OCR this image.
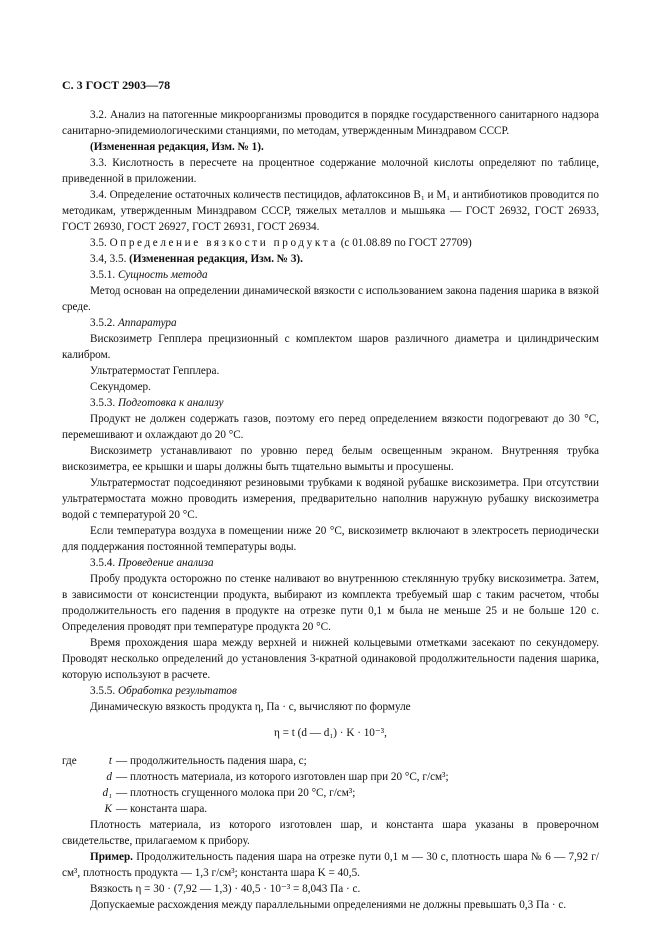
С. 3 ГОСТ 2903—78

3.2. Анализ на патогенные микроорганизмы проводится в порядке государственного санитарного надзора санитарно-эпидемиологическими станциями, по методам, утвержденным Минздравом СССР.

(Измененная редакция, Изм. № 1).

3.3. Кислотность в пересчете на процентное содержание молочной кислоты определяют по таблице, приведенной в приложении.

3.4. Определение остаточных количеств пестицидов, афлатоксинов B₁ и M₁ и антибиотиков проводится по методикам, утвержденным Минздравом СССР, тяжелых металлов и мышьяка — ГОСТ 26932, ГОСТ 26933, ГОСТ 26930, ГОСТ 26927, ГОСТ 26931, ГОСТ 26934.

3.5. Определение вязкости продукта (с 01.08.89 по ГОСТ 27709)

3.4, 3.5. (Измененная редакция, Изм. № 3).

3.5.1. Сущность метода

Метод основан на определении динамической вязкости с использованием закона падения шарика в вязкой среде.

3.5.2. Аппаратура

Вискозиметр Гепплера прецизионный с комплектом шаров различного диаметра и цилиндрическим калибром.

Ультратермостат Гепплера.

Секундомер.

3.5.3. Подготовка к анализу

Продукт не должен содержать газов, поэтому его перед определением вязкости подогревают до 30 °С, перемешивают и охлаждают до 20 °С.

Вискозиметр устанавливают по уровню перед белым освещенным экраном. Внутренняя трубка вискозиметра, ее крышки и шары должны быть тщательно вымыты и просушены.

Ультратермостат подсоединяют резиновыми трубками к водяной рубашке вискозиметра. При отсутствии ультратермостата можно проводить измерения, предварительно наполнив наружную рубашку вискозиметра водой с температурой 20 °С.

Если температура воздуха в помещении ниже 20 °С, вискозиметр включают в электросеть периодически для поддержания постоянной температуры воды.

3.5.4. Проведение анализа

Пробу продукта осторожно по стенке наливают во внутреннюю стеклянную трубку вискозиметра. Затем, в зависимости от консистенции продукта, выбирают из комплекта требуемый шар с таким расчетом, чтобы продолжительность его падения в продукте на отрезке пути 0,1 м была не меньше 25 и не больше 120 с. Определения проводят при температуре продукта 20 °С.

Время прохождения шара между верхней и нижней кольцевыми отметками засекают по секундомеру. Проводят несколько определений до установления 3-кратной одинаковой продолжительности падения шарика, которую используют в расчете.

3.5.5. Обработка результатов

Динамическую вязкость продукта η, Па · с, вычисляют по формуле

η = t (d — d₁) · K · 10⁻³,
где	t — продолжительность падения шара, с;
d — плотность материала, из которого изготовлен шар при 20 °С, г/см³;
d₁ — плотность сгущенного молока при 20 °С, г/см³;
K — константа шара.

Плотность материала, из которого изготовлен шар, и константа шара указаны в проверочном свидетельстве, прилагаемом к прибору.

Пример. Продолжительность падения шара на отрезке пути 0,1 м — 30 с, плотность шара № 6 — 7,92 г/см³, плотность продукта — 1,3 г/см³; константа шара K = 40,5.

Вязкость η = 30 · (7,92 — 1,3) · 40,5 · 10⁻³ = 8,043 Па · с.

Допускаемые расхождения между параллельными определениями не должны превышать 0,3 Па · с.
